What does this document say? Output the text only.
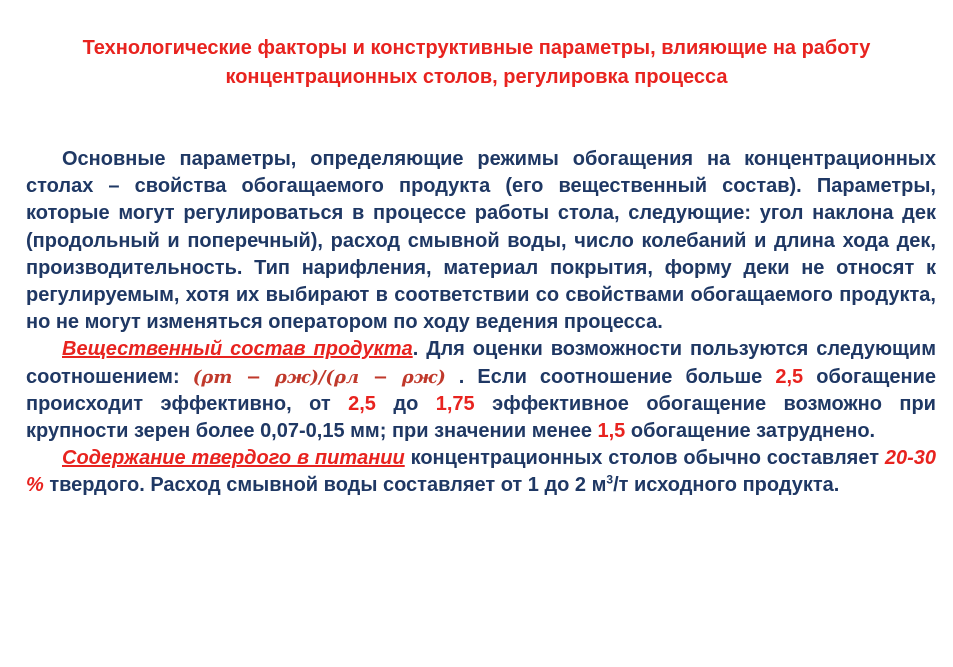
Технологические факторы и конструктивные параметры, влияющие на работу концентрационных столов, регулировка процесса

Основные параметры, определяющие режимы обогащения на концентрационных столах – свойства обогащаемого продукта (его вещественный состав). Параметры, которые могут регулироваться в процессе работы стола, следующие: угол наклона дек (продольный и поперечный), расход смывной воды, число колебаний и длина хода дек, производительность. Тип нарифления, материал покрытия, форму деки не относят к регулируемым, хотя их выбирают в соответствии со свойствами обогащаемого продукта, но не могут изменяться оператором по ходу ведения процесса.

Вещественный состав продукта. Для оценки возможности пользуются следующим соотношением: (ρт − ρж)/(ρл − ρж) . Если соотношение больше 2,5 обогащение происходит эффективно, от 2,5 до 1,75 эффективное обогащение возможно при крупности зерен более 0,07-0,15 мм; при значении менее 1,5 обогащение затруднено.

Содержание твердого в питании концентрационных столов обычно составляет 20-30 % твердого. Расход смывной воды составляет от 1 до 2 $м^3/т$ исходного продукта.
